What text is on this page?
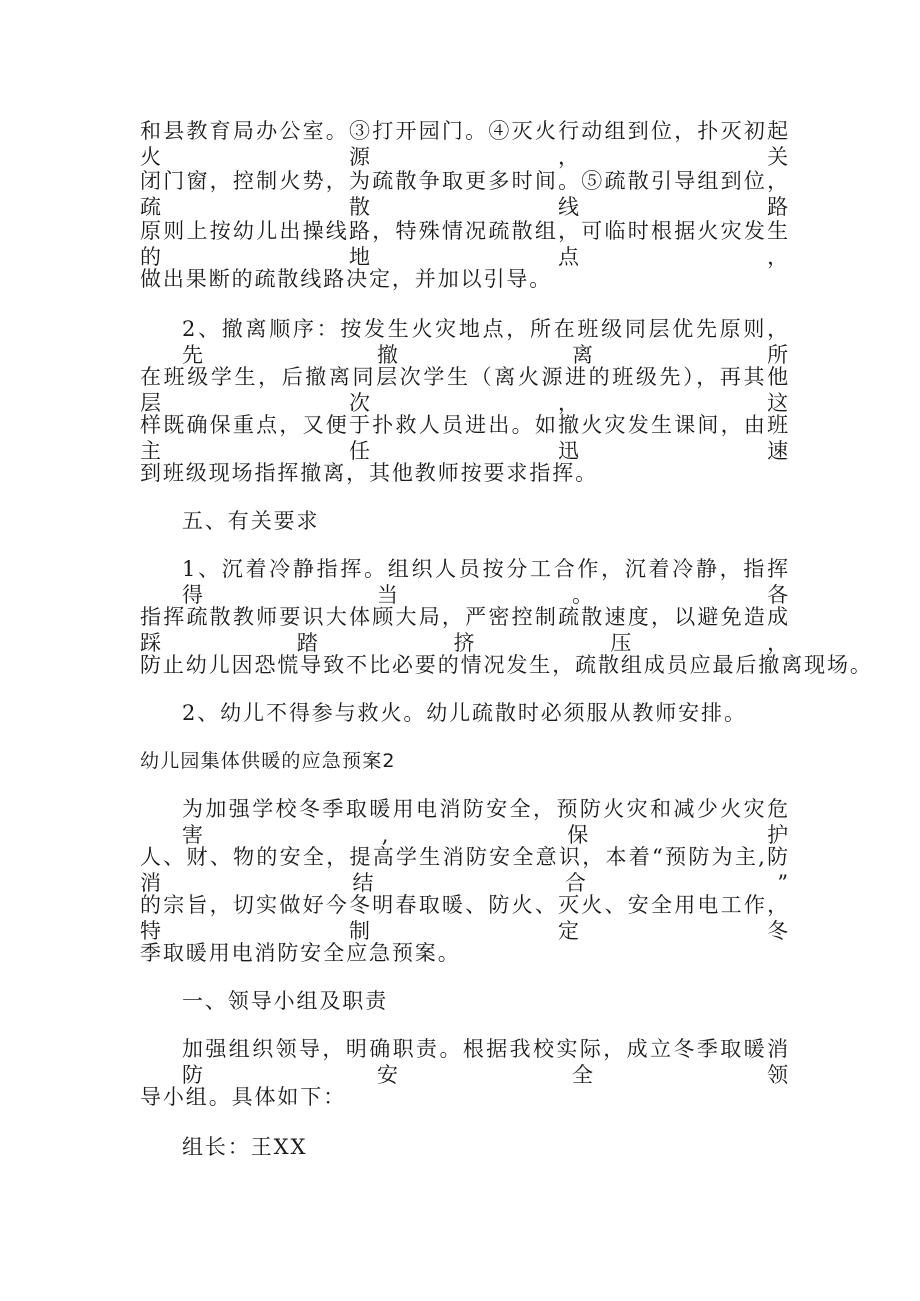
和县教育局办公室。③打开园门。④灭火行动组到位，扑灭初起火源，关
闭门窗，控制火势，为疏散争取更多时间。⑤疏散引导组到位，疏散线路
原则上按幼儿出操线路，特殊情况疏散组，可临时根据火灾发生的地点，
做出果断的疏散线路决定，并加以引导。
2、撤离顺序：按发生火灾地点，所在班级同层优先原则，先撤离所
在班级学生，后撤离同层次学生（离火源进的班级先），再其他层次，这
样既确保重点，又便于扑救人员进出。如撤火灾发生课间，由班主任迅速
到班级现场指挥撤离，其他教师按要求指挥。
五、有关要求
1、沉着冷静指挥。组织人员按分工合作，沉着冷静，指挥得当。各
指挥疏散教师要识大体顾大局，严密控制疏散速度，以避免造成踩踏挤压，
防止幼儿因恐慌导致不比必要的情况发生，疏散组成员应最后撤离现场。
2、幼儿不得参与救火。幼儿疏散时必须服从教师安排。
幼儿园集体供暖的应急预案2
为加强学校冬季取暖用电消防安全，预防火灾和减少火灾危害,保护
人、财、物的安全，提高学生消防安全意识，本着“预防为主,防消结合”
的宗旨，切实做好今冬明春取暖、防火、灭火、安全用电工作，特制定冬
季取暖用电消防安全应急预案。
一、领导小组及职责
加强组织领导，明确职责。根据我校实际，成立冬季取暖消防安全领
导小组。具体如下：
组长：王XX
